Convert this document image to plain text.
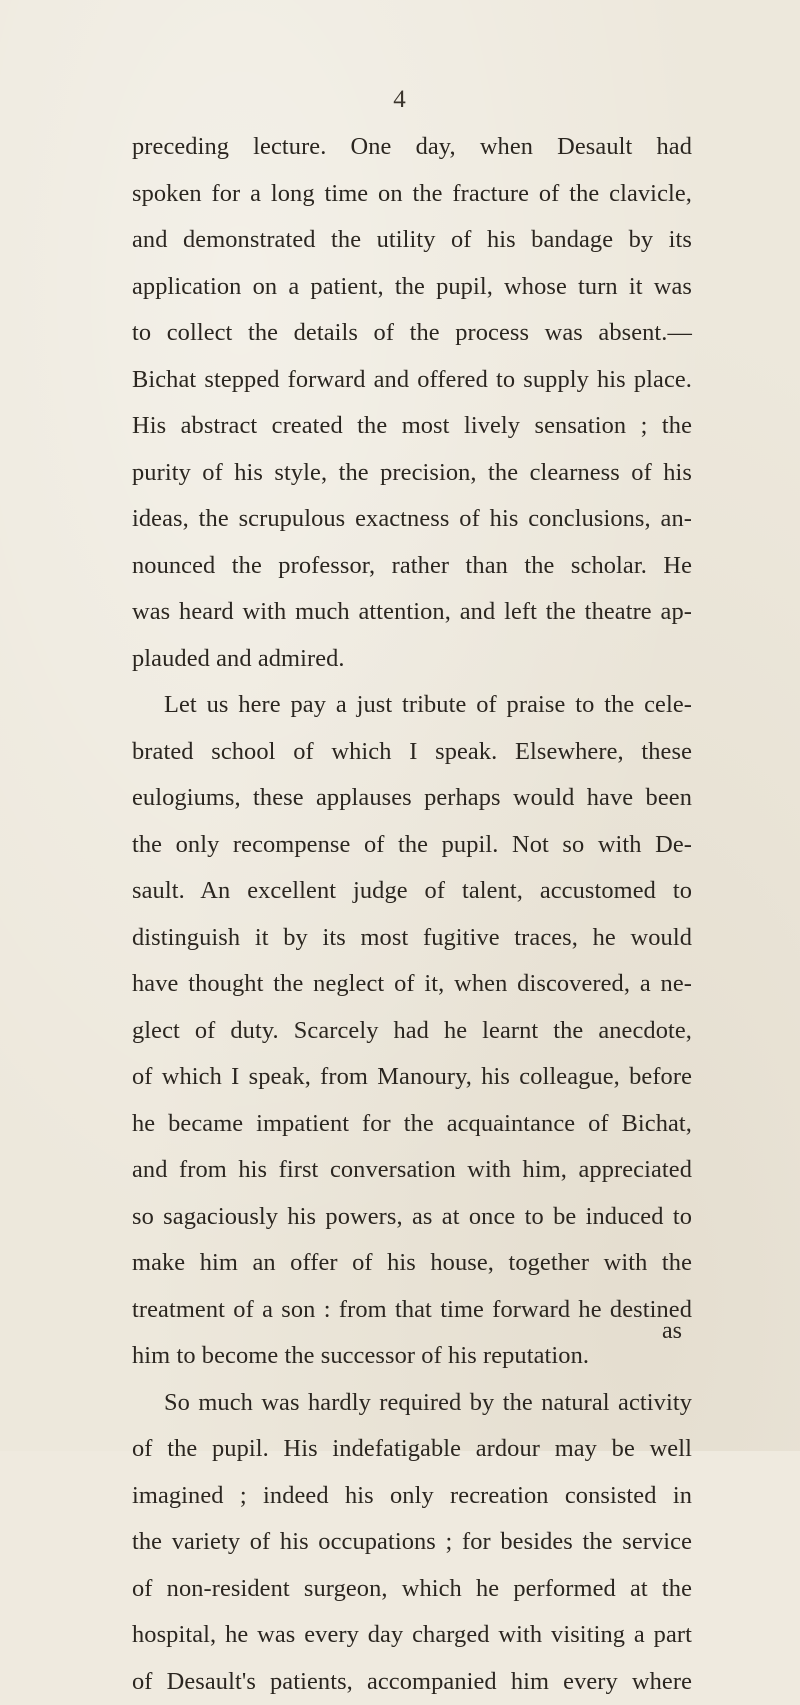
4
preceding lecture. One day, when Desault had
spoken for a long time on the fracture of the clavicle,
and demonstrated the utility of his bandage by its
application on a patient, the pupil, whose turn it was
to collect the details of the process was absent.—
Bichat stepped forward and offered to supply his place.
His abstract created the most lively sensation ; the
purity of his style, the precision, the clearness of his
ideas, the scrupulous exactness of his conclusions, an-
nounced the professor, rather than the scholar. He
was heard with much attention, and left the theatre ap-
plauded and admired.
Let us here pay a just tribute of praise to the cele-
brated school of which I speak. Elsewhere, these
eulogiums, these applauses perhaps would have been
the only recompense of the pupil. Not so with De-
sault. An excellent judge of talent, accustomed to
distinguish it by its most fugitive traces, he would
have thought the neglect of it, when discovered, a ne-
glect of duty. Scarcely had he learnt the anecdote,
of which I speak, from Manoury, his colleague, before
he became impatient for the acquaintance of Bichat,
and from his first conversation with him, appreciated
so sagaciously his powers, as at once to be induced to
make him an offer of his house, together with the
treatment of a son : from that time forward he destined
him to become the successor of his reputation.
So much was hardly required by the natural activity
of the pupil. His indefatigable ardour may be well
imagined ; indeed his only recreation consisted in
the variety of his occupations ; for besides the service
of non-resident surgeon, which he performed at the
hospital, he was every day charged with visiting a part
of Desault's patients, accompanied him every where
as
